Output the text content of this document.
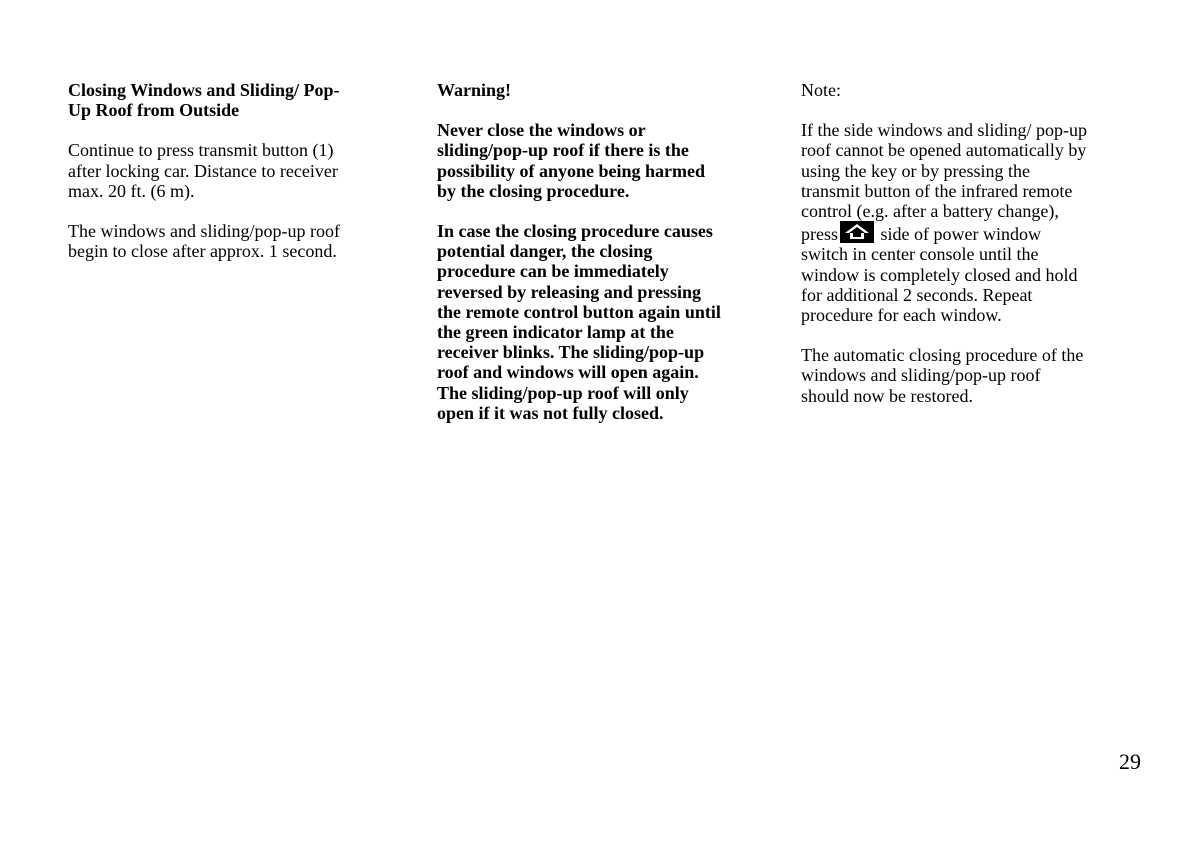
Closing Windows and Sliding/ Pop-
Up Roof from Outside
Continue to press transmit button (1)
after locking car. Distance to receiver
max. 20 ft. (6 m).
The windows and sliding/pop-up roof
begin to close after approx. 1 second.
Warning!
Never close the windows or
sliding/pop-up roof if there is the
possibility of anyone being harmed
by the closing procedure.
In case the closing procedure causes
potential danger, the closing
procedure can be immediately
reversed by releasing and pressing
the remote control button again until
the green indicator lamp at the
receiver blinks. The sliding/pop-up
roof and windows will open again.
The sliding/pop-up roof will only
open if it was not fully closed.
Note:
If the side windows and sliding/ pop-up
roof cannot be opened automatically by
using the key or by pressing the
transmit button of the infrared remote
control (e.g. after a battery change),
press side of power window
switch in center console until the
window is completely closed and hold
for additional 2 seconds. Repeat
procedure for each window.
The automatic closing procedure of the
windows and sliding/pop-up roof
should now be restored.
29
